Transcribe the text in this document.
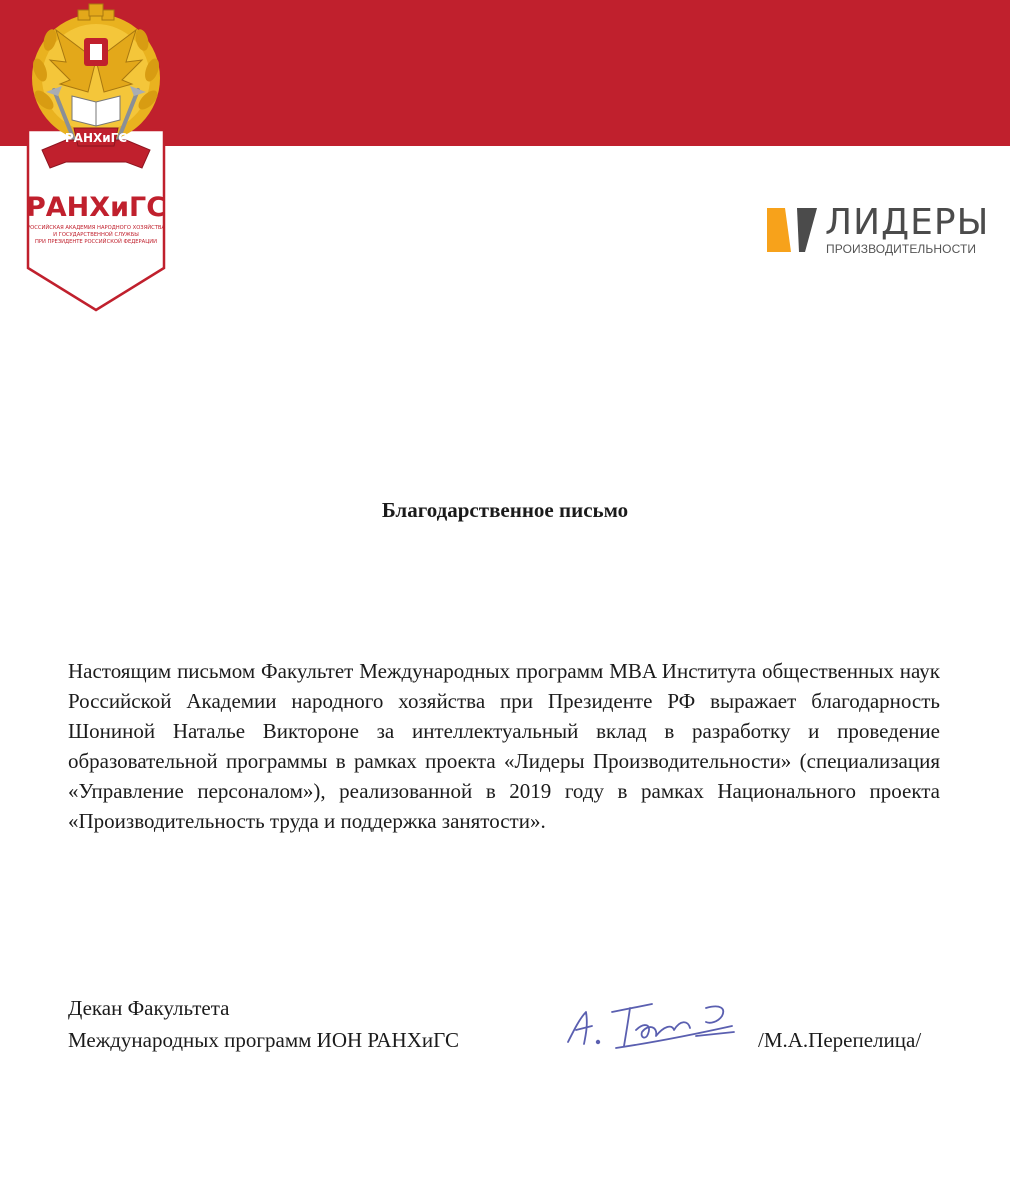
РАНХиГС
РАНХиГС
РОССИЙСКАЯ АКАДЕМИЯ НАРОДНОГО ХОЗЯЙСТВА
И ГОСУДАРСТВЕННОЙ СЛУЖБЫ
ПРИ ПРЕЗИДЕНТЕ РОССИЙСКОЙ ФЕДЕРАЦИИ	ЛИДЕРЫ
ПРОИЗВОДИТЕЛЬНОСТИ
Благодарственное письмо
Настоящим письмом Факультет Международных программ MBA Института общественных наук Российской Академии народного хозяйства при Президенте РФ выражает благодарность Шониной Наталье Виктороне за интеллектуальный вклад в разработку и проведение образовательной программы в рамках проекта «Лидеры Производительности» (специализация «Управление персоналом»), реализованной в 2019 году в рамках Национального проекта «Производительность труда и поддержка занятости».
Декан Факультета
Международных программ ИОН РАНХиГС	/М.А.Перепелица/
